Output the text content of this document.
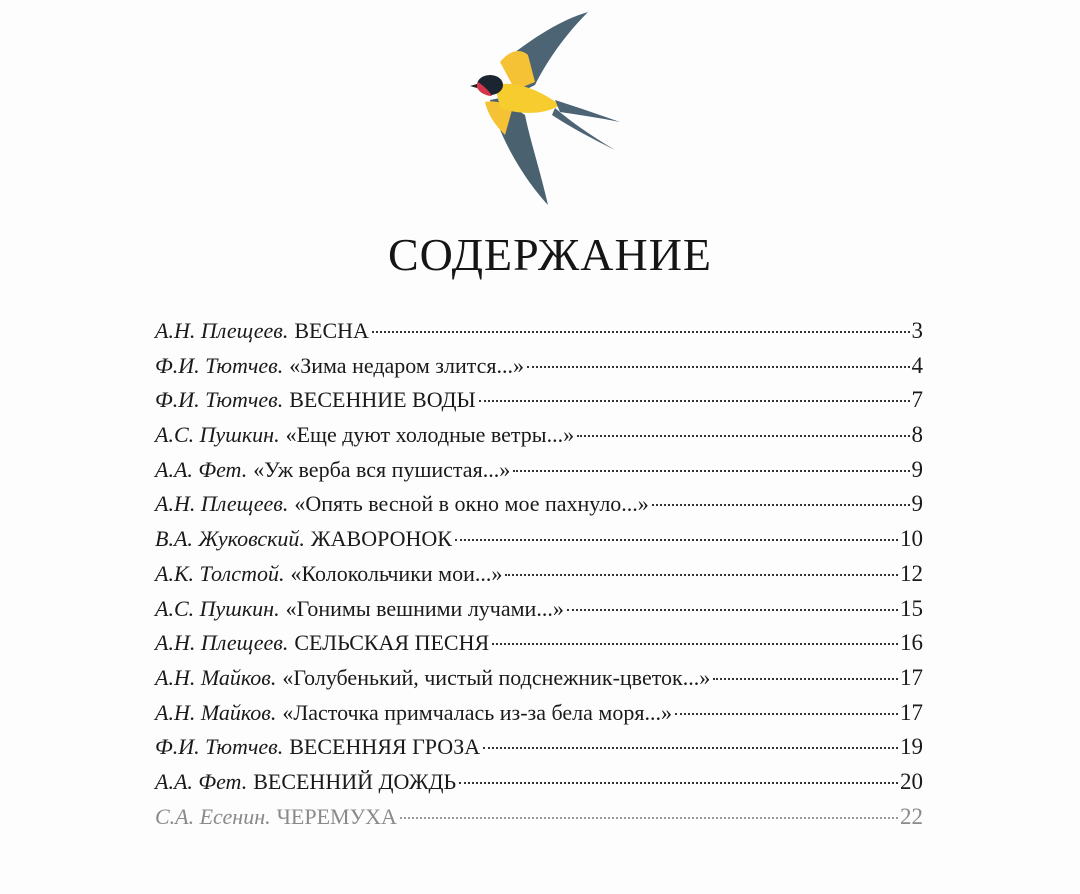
СОДЕРЖАНИЕ
А.Н. Плещеев. ВЕСНА	3
Ф.И. Тютчев. «Зима недаром злится...»	4
Ф.И. Тютчев. ВЕСЕННИЕ ВОДЫ	7
А.С. Пушкин. «Еще дуют холодные ветры...»	8
А.А. Фет. «Уж верба вся пушистая...»	9
А.Н. Плещеев. «Опять весной в окно мое пахнуло...»	9
В.А. Жуковский. ЖАВОРОНОК	10
А.К. Толстой. «Колокольчики мои...»	12
А.С. Пушкин. «Гонимы вешними лучами...»	15
А.Н. Плещеев. СЕЛЬСКАЯ ПЕСНЯ	16
А.Н. Майков. «Голубенький, чистый подснежник-цветок...»	17
А.Н. Майков. «Ласточка примчалась из-за бела моря...»	17
Ф.И. Тютчев. ВЕСЕННЯЯ ГРОЗА	19
А.А. Фет. ВЕСЕННИЙ ДОЖДЬ	20
С.А. Есенин. ЧЕРЕМУХА	22
